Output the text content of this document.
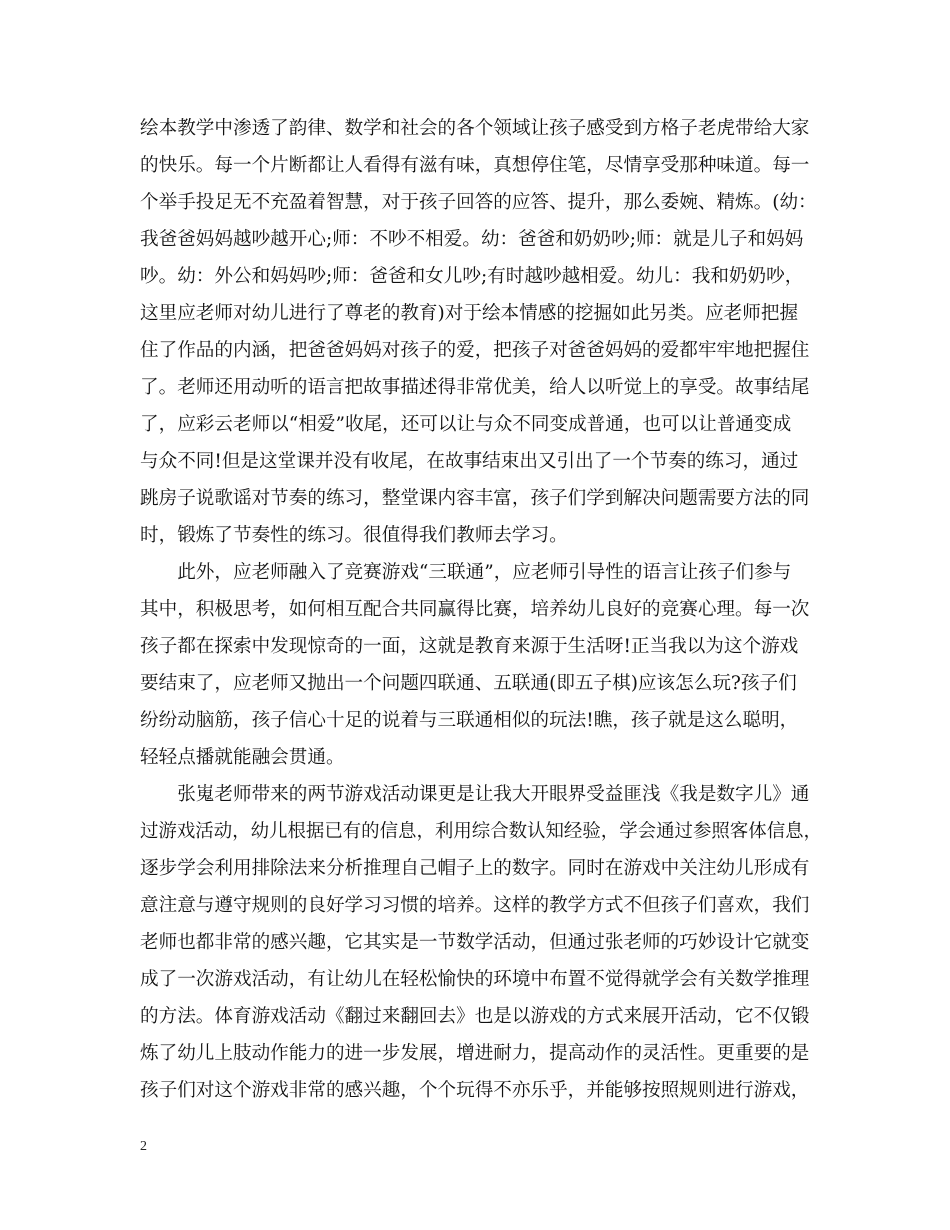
绘本教学中渗透了韵律、数学和社会的各个领域让孩子感受到方格子老虎带给大家
的快乐。每一个片断都让人看得有滋有味，真想停住笔，尽情享受那种味道。每一
个举手投足无不充盈着智慧，对于孩子回答的应答、提升，那么委婉、精炼。(幼：
我爸爸妈妈越吵越开心;师：不吵不相爱。幼：爸爸和奶奶吵;师：就是儿子和妈妈
吵。幼：外公和妈妈吵;师：爸爸和女儿吵;有时越吵越相爱。幼儿：我和奶奶吵，
这里应老师对幼儿进行了尊老的教育)对于绘本情感的挖掘如此另类。应老师把握
住了作品的内涵，把爸爸妈妈对孩子的爱，把孩子对爸爸妈妈的爱都牢牢地把握住
了。老师还用动听的语言把故事描述得非常优美，给人以听觉上的享受。故事结尾
了，应彩云老师以“相爱”收尾，还可以让与众不同变成普通，也可以让普通变成
与众不同!但是这堂课并没有收尾，在故事结束出又引出了一个节奏的练习，通过
跳房子说歌谣对节奏的练习，整堂课内容丰富，孩子们学到解决问题需要方法的同
时，锻炼了节奏性的练习。很值得我们教师去学习。
　　此外，应老师融入了竞赛游戏“三联通”，应老师引导性的语言让孩子们参与
其中，积极思考，如何相互配合共同赢得比赛，培养幼儿良好的竞赛心理。每一次
孩子都在探索中发现惊奇的一面，这就是教育来源于生活呀!正当我以为这个游戏
要结束了，应老师又抛出一个问题四联通、五联通(即五子棋)应该怎么玩?孩子们
纷纷动脑筋，孩子信心十足的说着与三联通相似的玩法!瞧，孩子就是这么聪明，
轻轻点播就能融会贯通。
　　张嵬老师带来的两节游戏活动课更是让我大开眼界受益匪浅《我是数字儿》通
过游戏活动，幼儿根据已有的信息，利用综合数认知经验，学会通过参照客体信息，
逐步学会利用排除法来分析推理自己帽子上的数字。同时在游戏中关注幼儿形成有
意注意与遵守规则的良好学习习惯的培养。这样的教学方式不但孩子们喜欢，我们
老师也都非常的感兴趣，它其实是一节数学活动，但通过张老师的巧妙设计它就变
成了一次游戏活动，有让幼儿在轻松愉快的环境中布置不觉得就学会有关数学推理
的方法。体育游戏活动《翻过来翻回去》也是以游戏的方式来展开活动，它不仅锻
炼了幼儿上肢动作能力的进一步发展，增进耐力，提高动作的灵活性。更重要的是
孩子们对这个游戏非常的感兴趣，个个玩得不亦乐乎，并能够按照规则进行游戏，
2
